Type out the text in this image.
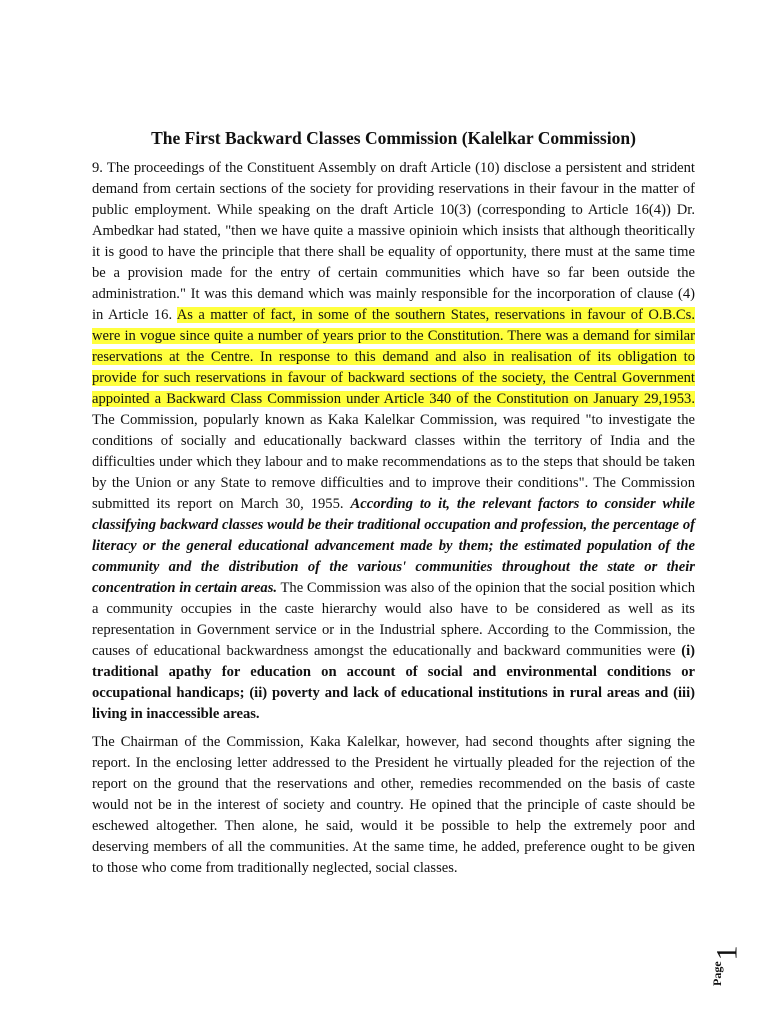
The First Backward Classes Commission (Kalelkar Commission)

9. The proceedings of the Constituent Assembly on draft Article (10) disclose a persistent and strident demand from certain sections of the society for providing reservations in their favour in the matter of public employment. While speaking on the draft Article 10(3) (corresponding to Article 16(4)) Dr. Ambedkar had stated, "then we have quite a massive opinioin which insists that although theoritically it is good to have the principle that there shall be equality of opportunity, there must at the same time be a provision made for the entry of certain communities which have so far been outside the administration." It was this demand which was mainly responsible for the incorporation of clause (4) in Article 16. As a matter of fact, in some of the southern States, reservations in favour of O.B.Cs. were in vogue since quite a number of years prior to the Constitution. There was a demand for similar reservations at the Centre. In response to this demand and also in realisation of its obligation to provide for such reservations in favour of backward sections of the society, the Central Government appointed a Backward Class Commission under Article 340 of the Constitution on January 29,1953. The Commission, popularly known as Kaka Kalelkar Commission, was required "to investigate the conditions of socially and educationally backward classes within the territory of India and the difficulties under which they labour and to make recommendations as to the steps that should be taken by the Union or any State to remove difficulties and to improve their conditions". The Commission submitted its report on March 30, 1955. According to it, the relevant factors to consider while classifying backward classes would be their traditional occupation and profession, the percentage of literacy or the general educational advancement made by them; the estimated population of the community and the distribution of the various' communities throughout the state or their concentration in certain areas. The Commission was also of the opinion that the social position which a community occupies in the caste hierarchy would also have to be considered as well as its representation in Government service or in the Industrial sphere. According to the Commission, the causes of educational backwardness amongst the educationally and backward communities were (i) traditional apathy for education on account of social and environmental conditions or occupational handicaps; (ii) poverty and lack of educational institutions in rural areas and (iii) living in inaccessible areas.

The Chairman of the Commission, Kaka Kalelkar, however, had second thoughts after signing the report. In the enclosing letter addressed to the President he virtually pleaded for the rejection of the report on the ground that the reservations and other, remedies recommended on the basis of caste would not be in the interest of society and country. He opined that the principle of caste should be eschewed altogether. Then alone, he said, would it be possible to help the extremely poor and deserving members of all the communities. At the same time, he added, preference ought to be given to those who come from traditionally neglected, social classes.

Page
1
